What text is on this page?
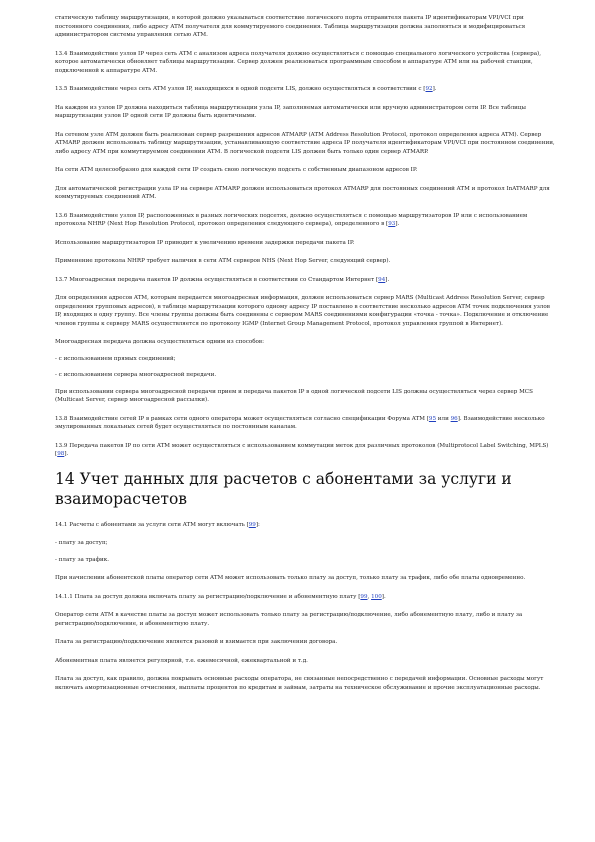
статическую таблицу маршрутизации, в которой должно указываться соответствие логического порта отправителя пакета IP идентификаторам VPI/VCI при постоянного соединения, либо адресу ATM получателя для коммутируемого соединения. Таблица маршрутизации должна заполняться и модифицироваться администратором системы управления сетью ATM.

13.4 Взаимодействие узлов IP через сеть ATM с анализом адреса получателя должно осуществляться с помощью специального логического устройства (сервера), которое автоматически обновляет таблицы маршрутизации. Сервер должен реализоваться программным способом в аппаратуре ATM или на рабочей станции, подключенной к аппаратуре ATM.

13.5 Взаимодействие через сеть ATM узлов IP, находящихся в одной подсети LIS, должно осуществляться в соответствии с [92].

На каждом из узлов IP должна находиться таблица маршрутизации узла IP, заполняемая автоматически или вручную администратором сети IP. Все таблицы маршрутизации узлов IP одной сети IP должны быть идентичными.

На сетевом узле ATM должен быть реализован сервер разрешения адресов ATMARP (ATM Address Resolution Protocol, протокол определения адреса ATM). Сервер ATMARP должен использовать таблицу маршрутизации, устанавливающую соответствие адреса IP получателя идентификаторам VPI/VCI при постоянном соединении, либо адресу ATM при коммутируемом соединении ATM. В логической подсети LIS должен быть только один сервер ATMARP.

На сети ATM целесообразно для каждой сети IP создать свою логическую подсеть с собственным диапазоном адресов IP.

Для автоматической регистрации узла IP на сервере ATMARP должен использоваться протокол ATMARP для постоянных соединений ATM и протокол InATMARP для коммутируемых соединений ATM.

13.6 Взаимодействие узлов IP, расположенных в разных логических подсетях, должно осуществляться с помощью маршрутизаторов IP или с использованием протокола NHRP (Next Hop Resolution Protocol, протокол определения следующего сервера), определенного в [93].

Использование маршрутизаторов IP приводит к увеличению времени задержки передачи пакета IP.

Применение протокола NHRP требует наличия в сети ATM серверов NHS (Next Hop Server, следующий сервер).

13.7 Многоадресная передача пакетов IP должна осуществляться в соответствии со Стандартом Интернет [94].

Для определения адресов ATM, которым передается многоадресная информация, должен использоваться сервер MARS (Multicast Address Resolution Server, сервер определения групповых адресов), в таблице маршрутизации которого одному адресу IP поставлено в соответствие несколько адресов ATM точек подключения узлов IP, входящих в одну группу. Все члены группы должны быть соединены с сервером MARS соединениями конфигурации «точка - точка». Подключение и отключение членов группы к серверу MARS осуществляется по протоколу IGMP (Internet Group Management Protocol, протокол управления группой в Интернет).

Многоадресная передача должна осуществляться одним из способов:

- с использованием прямых соединений;

- с использованием сервера многоадресной передачи.

При использовании сервера многоадресной передачи прием и передача пакетов IP в одной логической подсети LIS должны осуществляться через сервер MCS (Multicast Server, сервер многоадресной рассылки).

13.8 Взаимодействие сетей IP в рамках сети одного оператора может осуществляться согласно спецификации Форума ATM [95 или 96]. Взаимодействие несколько эмулированных локальных сетей будет осуществляться по постоянным каналам.

13.9 Передача пакетов IP по сети ATM может осуществляться с использованием коммутации меток для различных протоколов (Multiprotocol Label Switching, MPLS) [98].

14 Учет данных для расчетов с абонентами за услуги и взаиморасчетов

14.1 Расчеты с абонентами за услуги сети ATM могут включать [99]:

- плату за доступ;

- плату за трафик.

При начислении абонентской платы оператор сети ATM может использовать только плату за доступ, только плату за трафик, либо обе платы одновременно.

14.1.1 Плата за доступ должна включать плату за регистрацию/подключение и абонементную плату [99, 100].

Оператор сети ATM в качестве платы за доступ может использовать только плату за регистрацию/подключение, либо абонементную плату, либо и плату за регистрацию/подключение, и абонементную плату.

Плата за регистрацию/подключение является разовой и взимается при заключении договора.

Абонементная плата является регулярной, т.е. ежемесячной, ежеквартальной и т.д.

Плата за доступ, как правило, должна покрывать основные расходы оператора, не связанные непосредственно с передачей информации. Основные расходы могут включать амортизационные отчисления, выплаты процентов по кредитам и займам, затраты на техническое обслуживание и прочие эксплуатационные расходы.
